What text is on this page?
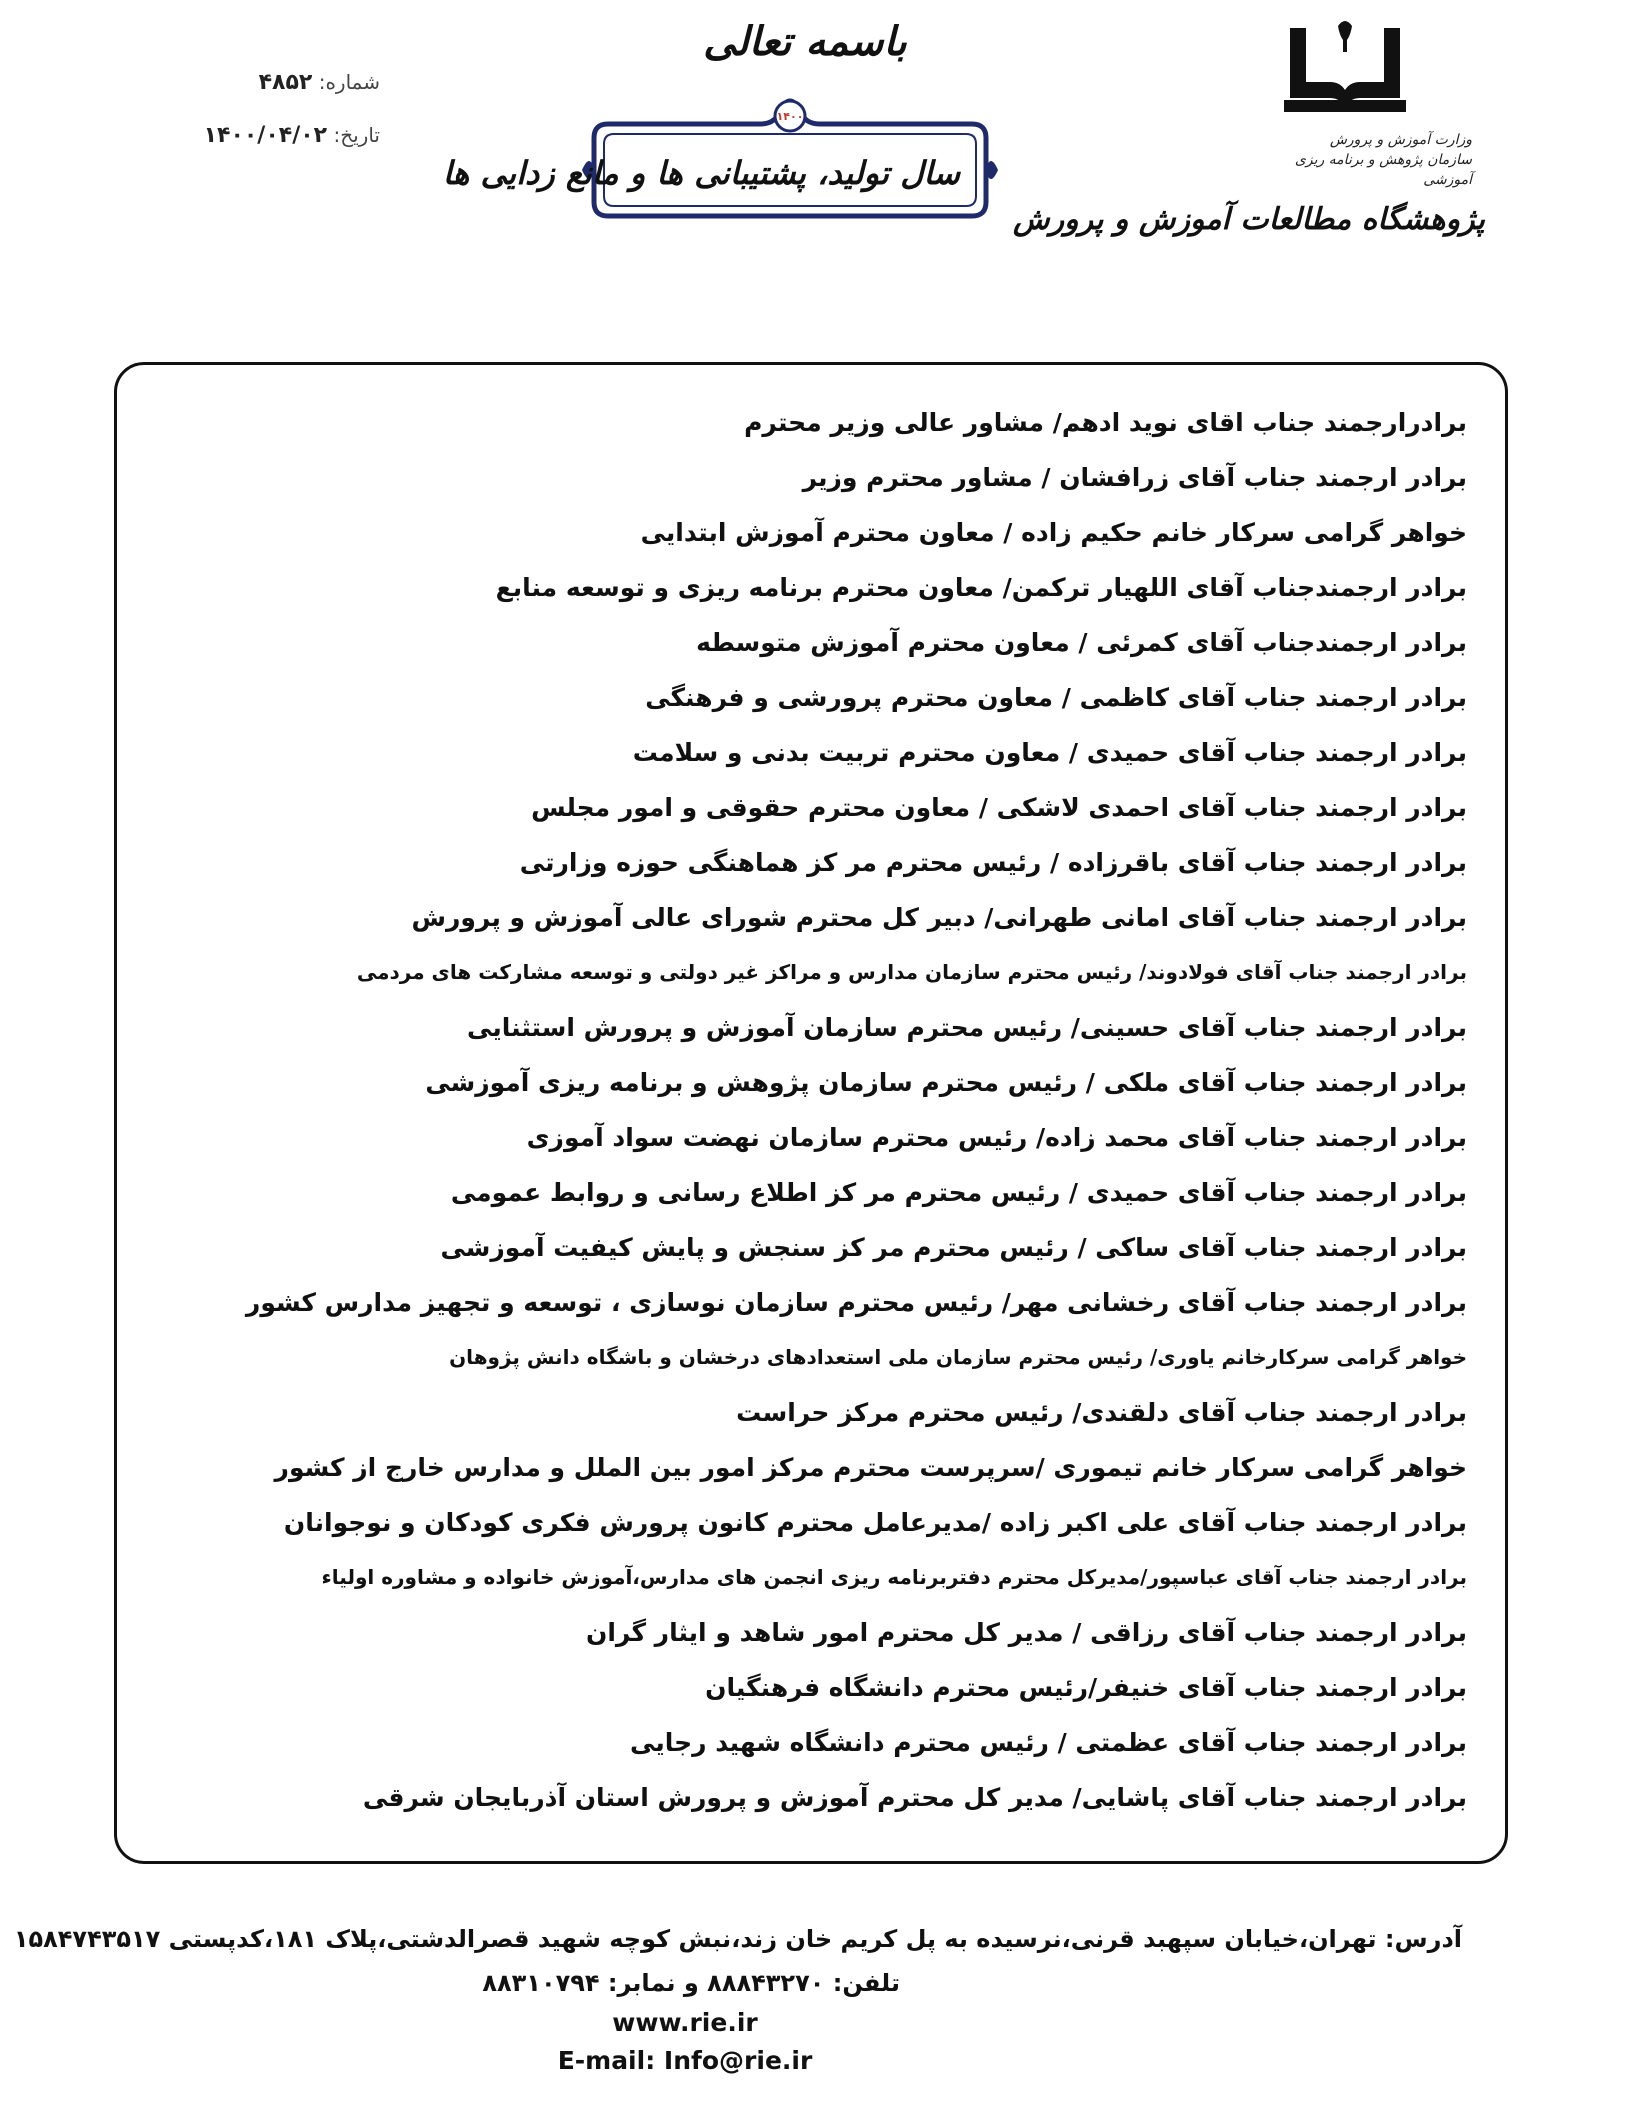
شماره: ۴۸۵۲
تاریخ: ۱۴۰۰/۰۴/۰۲
باسمه تعالی
۱۴۰۰
سال تولید، پشتیبانی ها و مانع زدایی ها
وزارت آموزش و پرورش
سازمان پژوهش و برنامه ریزی آموزشی
پژوهشگاه مطالعات آموزش و پرورش
برادرارجمند جناب اقای نوید ادهم/ مشاور عالی وزیر محترم
برادر ارجمند جناب آقای زرافشان / مشاور محترم وزیر
خواهر گرامی سرکار خانم حکیم زاده / معاون محترم آموزش ابتدایی
برادر ارجمندجناب آقای اللهیار ترکمن/ معاون محترم برنامه ریزی و توسعه منابع
برادر ارجمندجناب آقای کمرئی / معاون محترم آموزش متوسطه
برادر ارجمند جناب آقای کاظمی / معاون محترم پرورشی و فرهنگی
برادر ارجمند جناب آقای حمیدی / معاون محترم تربیت بدنی و سلامت
برادر ارجمند جناب آقای احمدی لاشکی / معاون محترم حقوقی و امور مجلس
برادر ارجمند جناب آقای باقرزاده / رئیس محترم مر کز هماهنگی حوزه وزارتی
برادر ارجمند جناب آقای امانی طهرانی/ دبیر کل محترم شورای عالی آموزش و پرورش
برادر ارجمند جناب آقای فولادوند/ رئیس محترم سازمان مدارس و مراکز غیر دولتی و توسعه مشارکت های مردمی
برادر ارجمند جناب آقای حسینی/ رئیس محترم سازمان آموزش و پرورش استثنایی
برادر ارجمند جناب آقای ملکی / رئیس محترم سازمان پژوهش و برنامه ریزی آموزشی
برادر ارجمند جناب آقای محمد زاده/ رئیس محترم سازمان نهضت سواد آموزی
برادر ارجمند جناب آقای حمیدی / رئیس محترم مر کز اطلاع رسانی و روابط عمومی
برادر ارجمند جناب آقای ساکی / رئیس محترم مر کز سنجش و پایش کیفیت آموزشی
برادر ارجمند جناب آقای رخشانی مهر/ رئیس محترم سازمان نوسازی ، توسعه و تجهیز مدارس کشور
خواهر گرامی سرکارخانم یاوری/ رئیس محترم سازمان ملی استعدادهای درخشان و باشگاه دانش پژوهان
برادر ارجمند جناب آقای دلقندی/ رئیس محترم مرکز حراست
خواهر گرامی سرکار خانم تیموری /سرپرست محترم مرکز امور بین الملل و مدارس خارج از کشور
برادر ارجمند جناب آقای علی اکبر زاده /مدیرعامل محترم کانون پرورش فکری کودکان و نوجوانان
برادر ارجمند جناب آقای عباسپور/مدیرکل محترم دفتربرنامه ریزی انجمن های مدارس،آموزش خانواده و مشاوره اولیاء
برادر ارجمند جناب آقای رزاقی / مدیر کل محترم امور شاهد و ایثار گران
برادر ارجمند جناب آقای خنیفر/رئیس محترم دانشگاه فرهنگیان
برادر ارجمند جناب آقای عظمتی / رئیس محترم دانشگاه شهید رجایی
برادر ارجمند جناب آقای پاشایی/ مدیر کل محترم آموزش و پرورش استان آذربایجان شرقی
آدرس: تهران،خیابان سپهبد قرنی،نرسیده به پل کریم خان زند،نبش کوچه شهید قصرالدشتی،پلاک ۱۸۱،کدپستی ۱۵۸۴۷۴۳۵۱۷
تلفن: ۸۸۸۴۳۲۷۰ و نمابر: ۸۸۳۱۰۷۹۴
www.rie.ir
E-mail: Info@rie.ir
